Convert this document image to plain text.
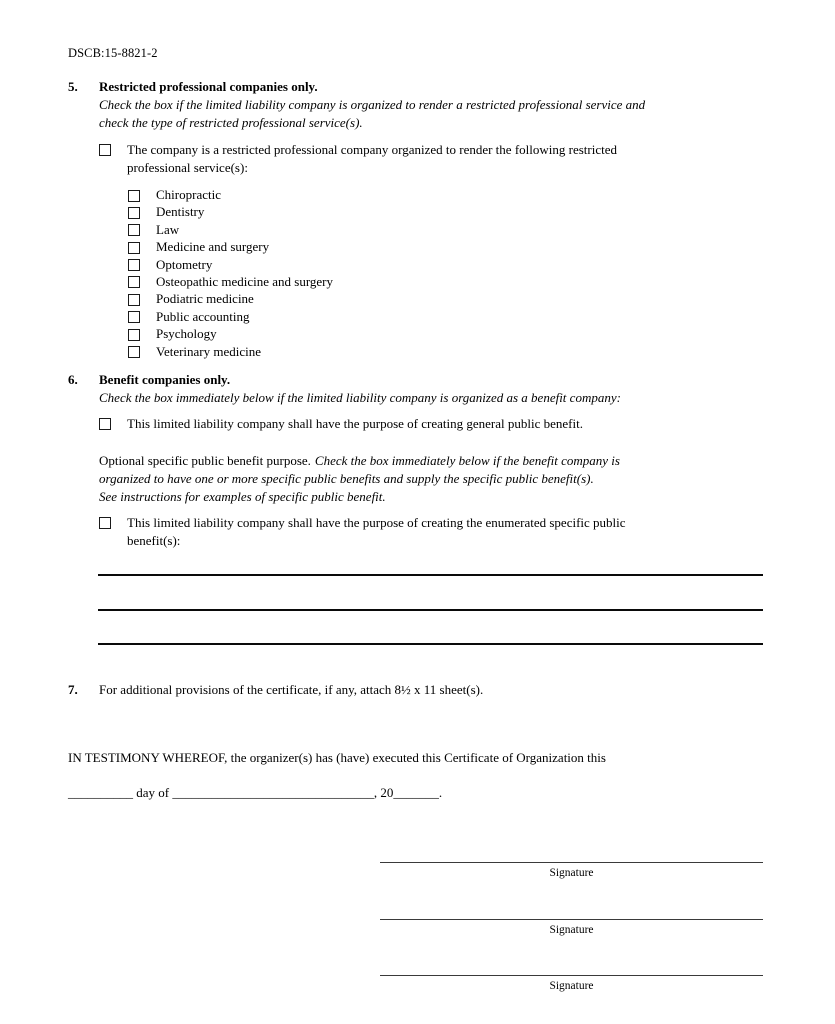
DSCB:15-8821-2
5.	Restricted professional companies only.
Check the box if the limited liability company is organized to render a restricted professional service and
check the type of restricted professional service(s).
The company is a restricted professional company organized to render the following restricted
professional service(s):
Chiropractic
Dentistry
Law
Medicine and surgery
Optometry
Osteopathic medicine and surgery
Podiatric medicine
Public accounting
Psychology
Veterinary medicine
6.	Benefit companies only.
Check the box immediately below if the limited liability company is organized as a benefit company:
This limited liability company shall have the purpose of creating general public benefit.
Optional specific public benefit purpose. Check the box immediately below if the benefit company is
organized to have one or more specific public benefits and supply the specific public benefit(s).
See instructions for examples of specific public benefit.
This limited liability company shall have the purpose of creating the enumerated specific public
benefit(s):
7.	For additional provisions of the certificate, if any, attach 8½ x 11 sheet(s).
IN TESTIMONY WHEREOF, the organizer(s) has (have) executed this Certificate of Organization this
__________ day of _______________________________, 20_______.
Signature
Signature
Signature
